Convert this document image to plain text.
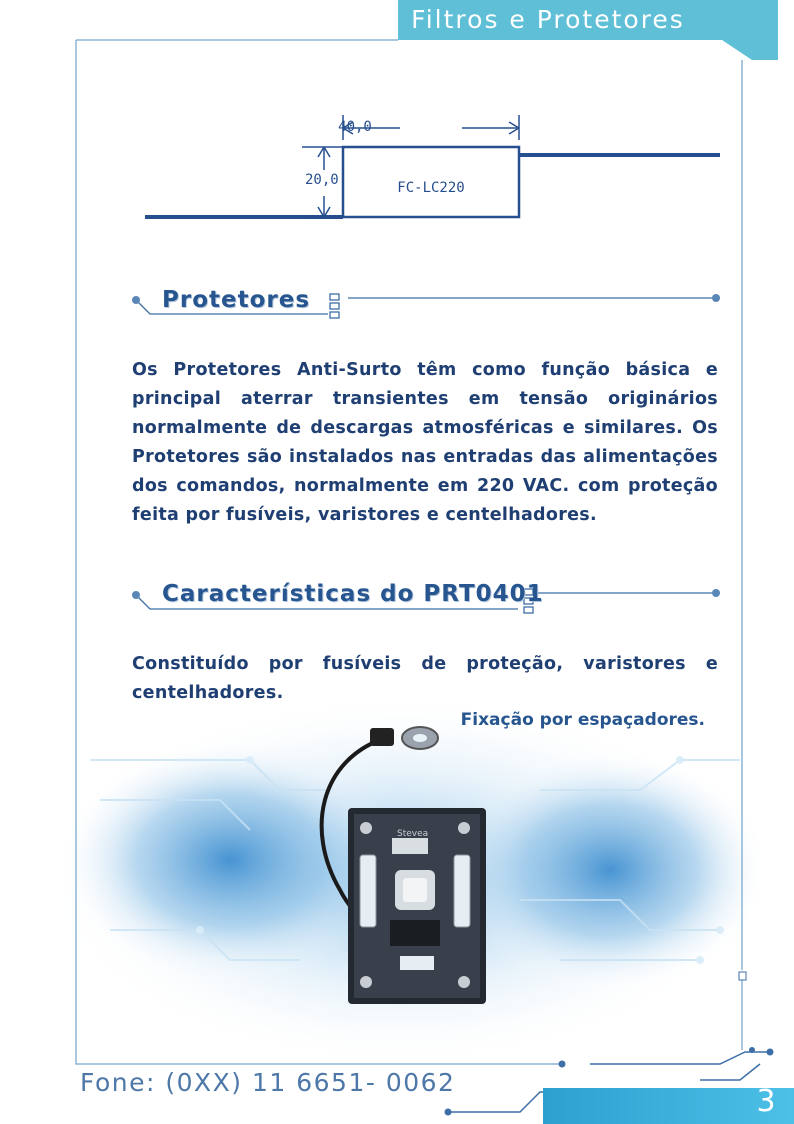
Filtros e Protetores
40,0
20,0	FC-LC220
Protetores

Os Protetores Anti-Surto têm como função básica e principal aterrar transientes em tensão originários normalmente de descargas atmosféricas e similares. Os Protetores são instalados nas entradas das alimentações dos comandos, normalmente em 220 VAC. com proteção feita por fusíveis, varistores e centelhadores.

Características do PRT0401

Constituído por fusíveis de proteção, varistores e centelhadores.

Fixação por espaçadores.
Stevea
Fone: (0XX) 11 6651- 0062
3
